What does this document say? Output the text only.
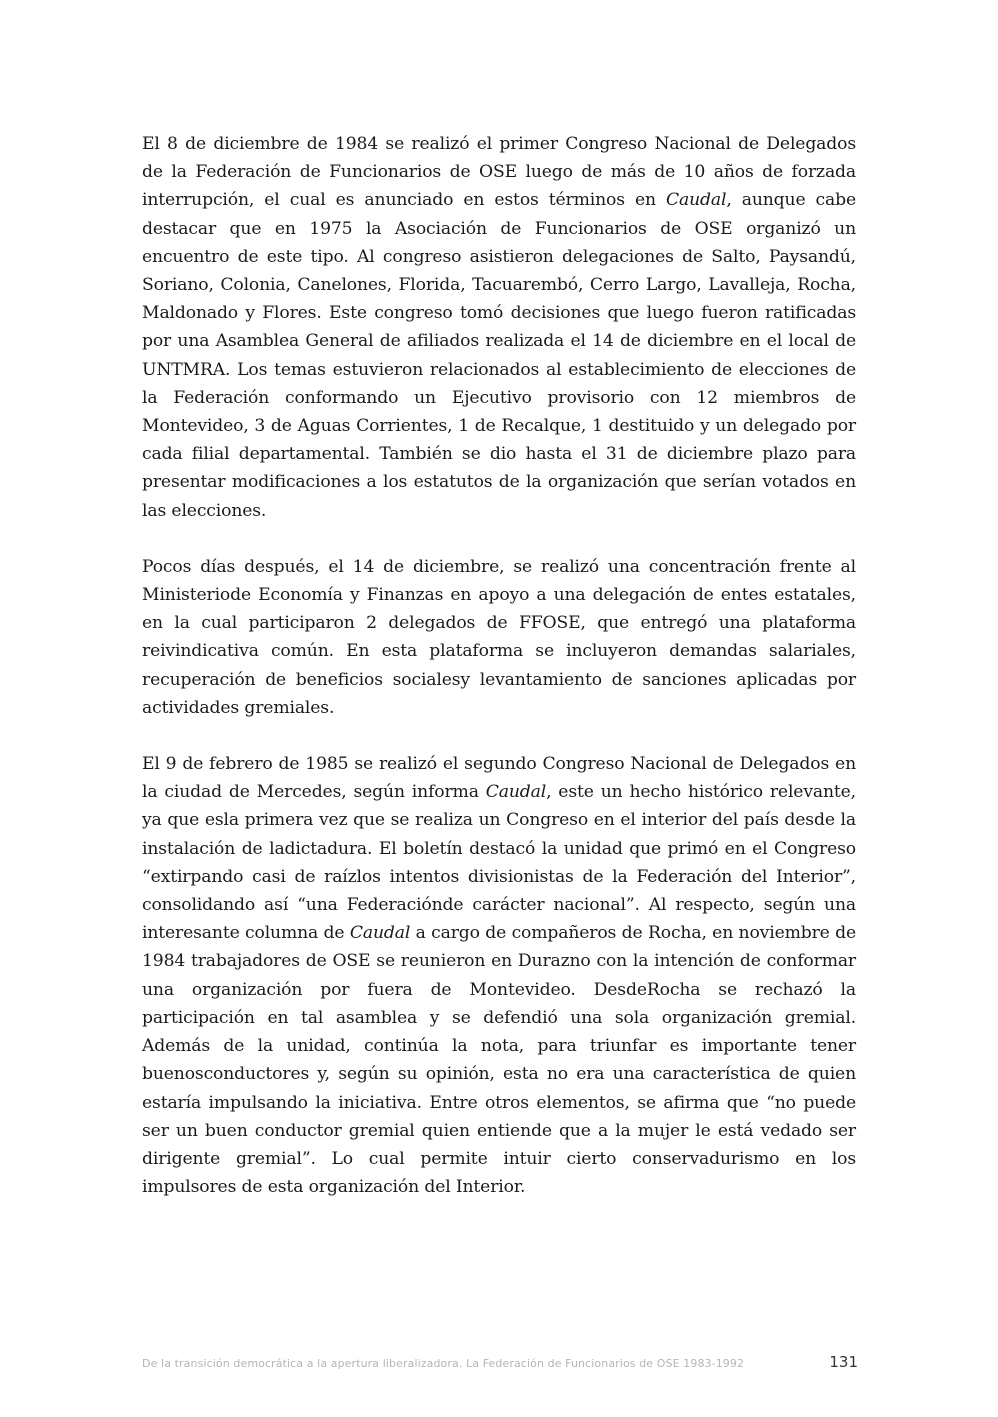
El 8 de diciembre de 1984 se realizó el primer Congreso Nacional de Delegados de la Federación de Funcionarios de OSE luego de más de 10 años de forzada interrupción, el cual es anunciado en estos términos en Caudal, aunque cabe destacar que en 1975 la Asociación de Funcionarios de OSE organizó un encuentro de este tipo. Al congreso asistieron delegaciones de Salto, Paysandú, Soriano, Colonia, Canelones, Florida, Tacuarembó, Cerro Largo, Lavalleja, Rocha, Maldonado y Flores. Este congreso tomó decisiones que luego fueron ratificadas por una Asamblea General de afiliados realizada el 14 de diciembre en el local de UNTMRA. Los temas estuvieron relacionados al establecimiento de elecciones de la Federación conformando un Ejecutivo provisorio con 12 miembros de Montevideo, 3 de Aguas Corrientes, 1 de Recalque, 1 destituido y un delegado por cada filial departamental. También se dio hasta el 31 de diciembre plazo para presentar modificaciones a los estatutos de la organización que serían votados en las elecciones.

Pocos días después, el 14 de diciembre, se realizó una concentración frente al Ministeriode Economía y Finanzas en apoyo a una delegación de entes estatales, en la cual participaron 2 delegados de FFOSE, que entregó una plataforma reivindicativa común. En esta plataforma se incluyeron demandas salariales, recuperación de beneficios socialesy levantamiento de sanciones aplicadas por actividades gremiales.

El 9 de febrero de 1985 se realizó el segundo Congreso Nacional de Delegados en la ciudad de Mercedes, según informa Caudal, este un hecho histórico relevante, ya que esla primera vez que se realiza un Congreso en el interior del país desde la instalación de ladictadura. El boletín destacó la unidad que primó en el Congreso “extirpando casi de raízlos intentos divisionistas de la Federación del Interior”, consolidando así “una Federaciónde carácter nacional”. Al respecto, según una interesante columna de Caudal a cargo de compañeros de Rocha, en noviembre de 1984 trabajadores de OSE se reunieron en Durazno con la intención de conformar una organización por fuera de Montevideo. DesdeRocha se rechazó la participación en tal asamblea y se defendió una sola organización gremial. Además de la unidad, continúa la nota, para triunfar es importante tener buenosconductores y, según su opinión, esta no era una característica de quien estaría impulsando la iniciativa. Entre otros elementos, se afirma que “no puede ser un buen conductor gremial quien entiende que a la mujer le está vedado ser dirigente gremial”. Lo cual permite intuir cierto conservadurismo en los impulsores de esta organización del Interior.

De la transición democrática a la apertura liberalizadora. La Federación de Funcionarios de OSE 1983-1992	131
